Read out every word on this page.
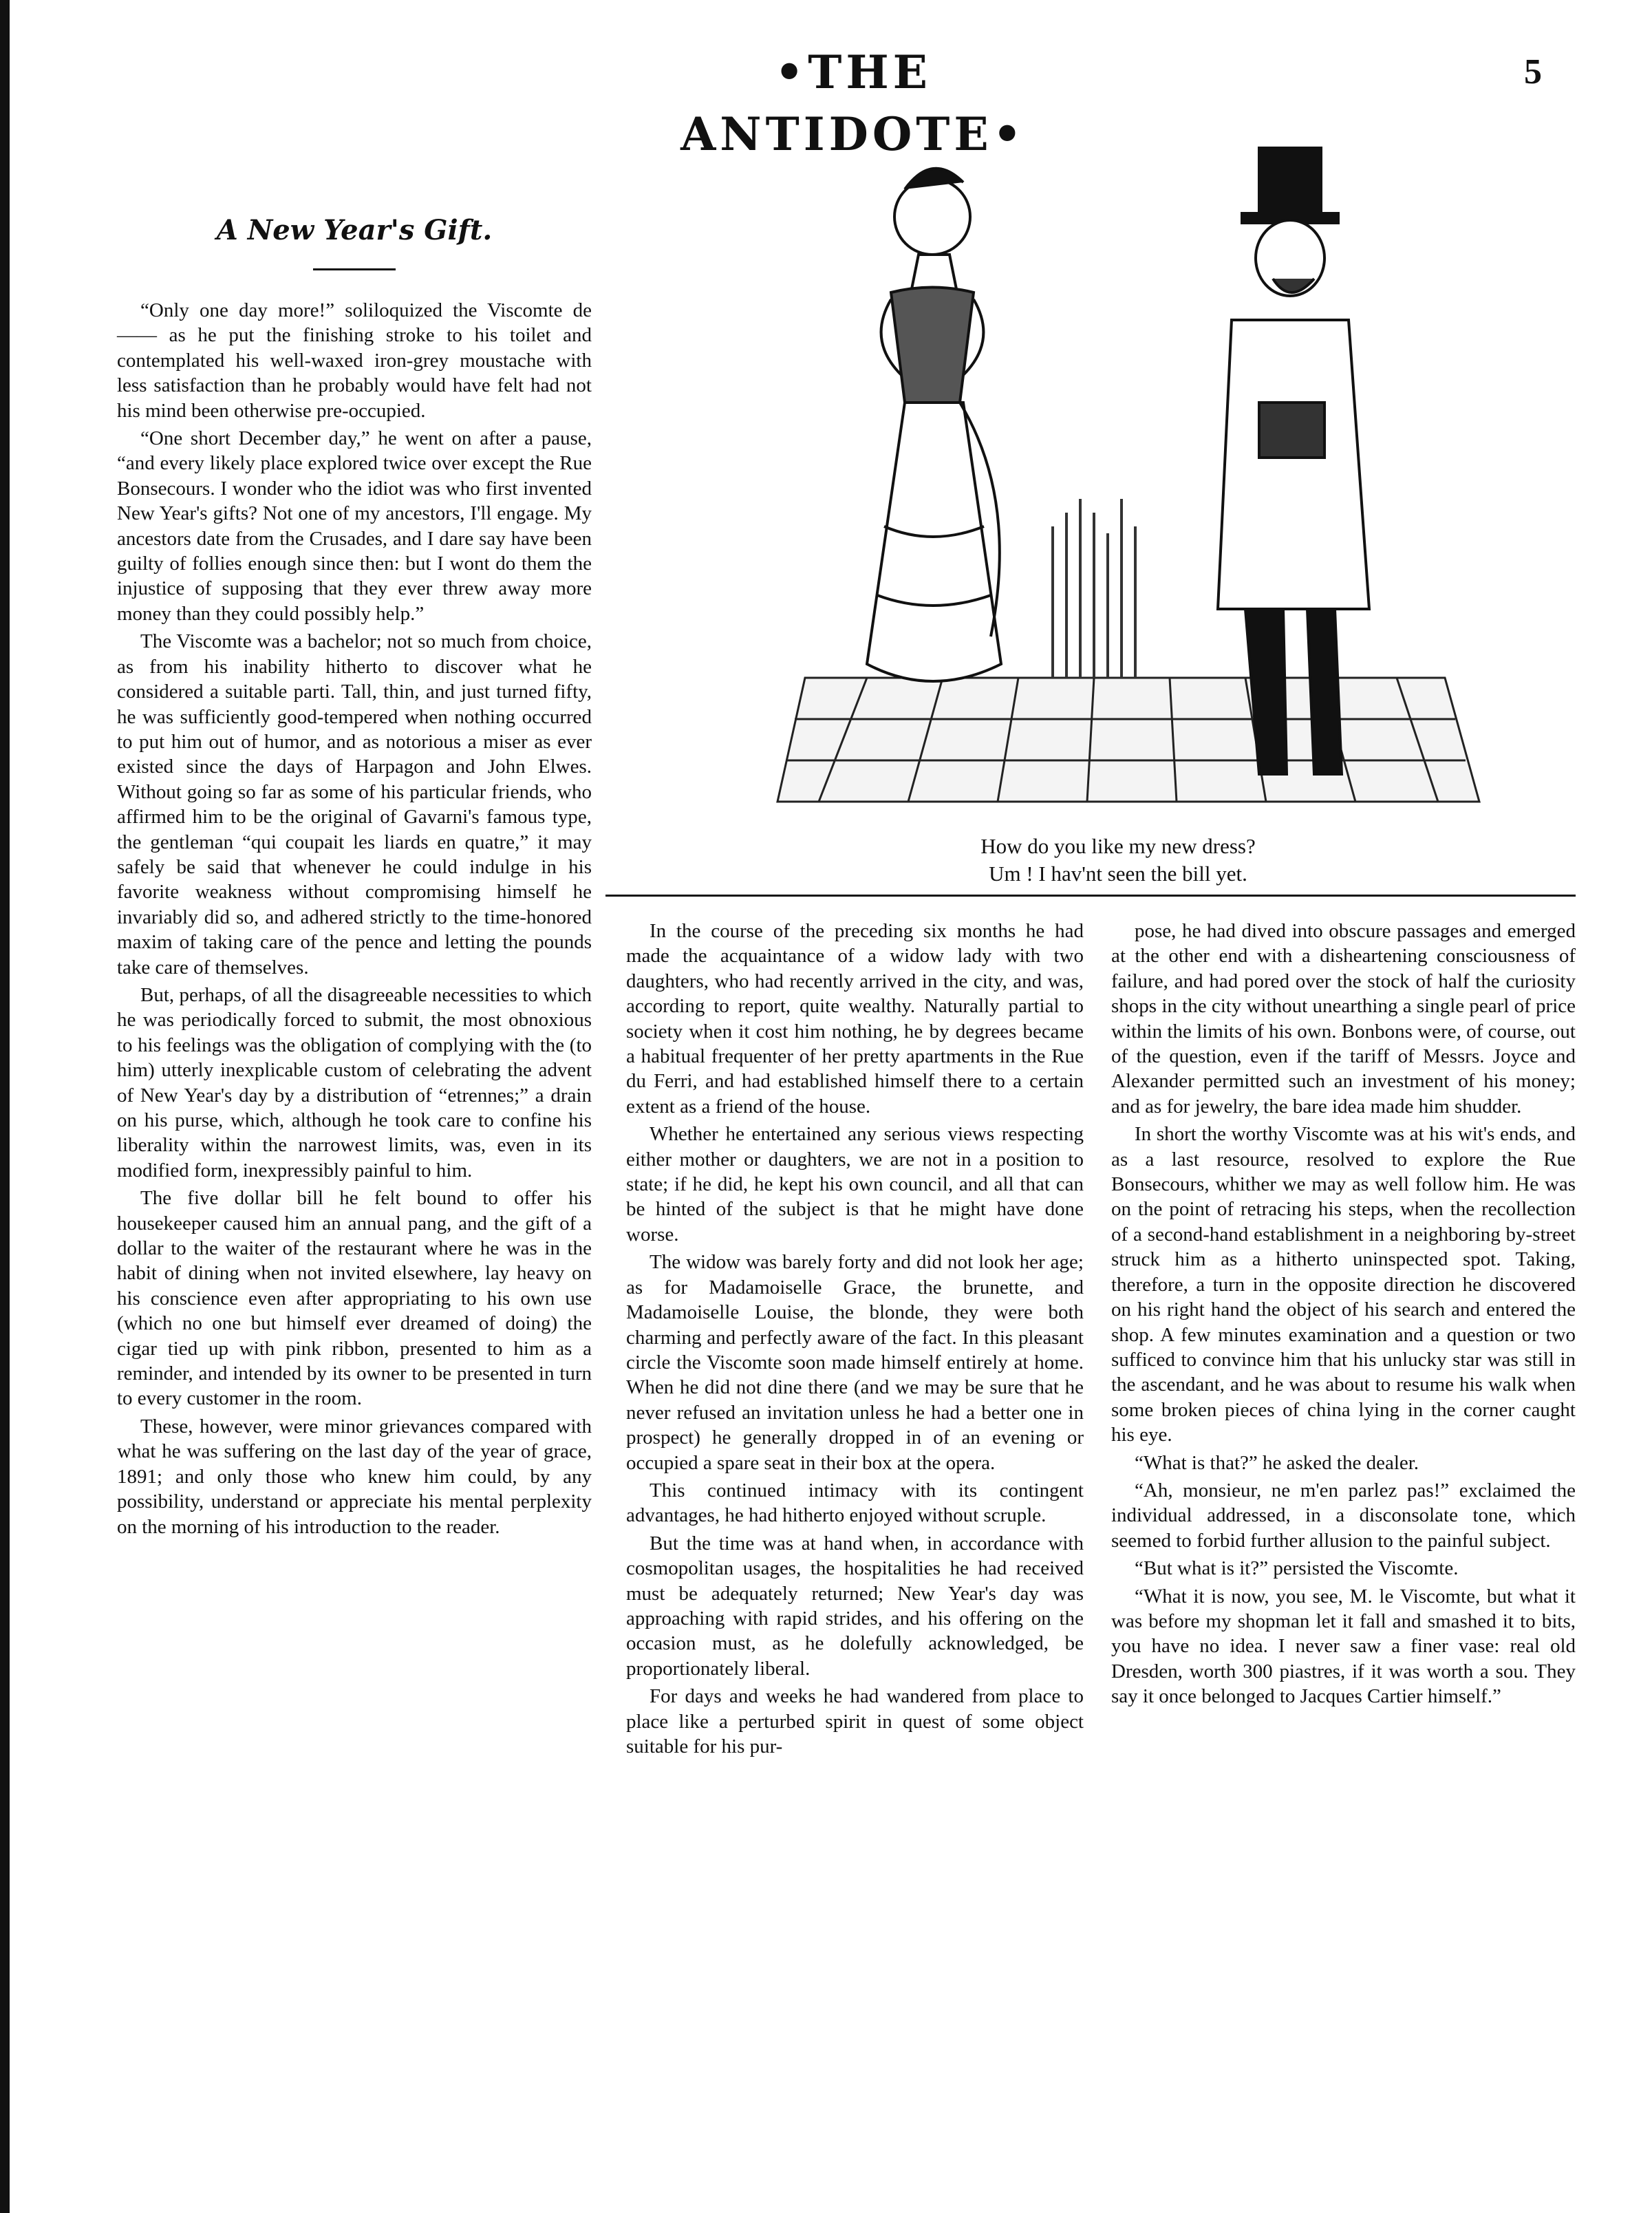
•THE ANTIDOTE•
5
A New Year's Gift.

“Only one day more!” soliloquized the Viscomte de—— as he put the finishing stroke to his toilet and contemplated his well-waxed iron-grey moustache with less satisfaction than he probably would have felt had not his mind been otherwise pre-occupied.

“One short December day,” he went on after a pause, “and every likely place explored twice over except the Rue Bonsecours. I wonder who the idiot was who first invented New Year's gifts? Not one of my ancestors, I'll engage. My ancestors date from the Crusades, and I dare say have been guilty of follies enough since then: but I wont do them the injustice of supposing that they ever threw away more money than they could possibly help.”

The Viscomte was a bachelor; not so much from choice, as from his inability hitherto to discover what he considered a suitable parti. Tall, thin, and just turned fifty, he was sufficiently good-tempered when nothing occurred to put him out of humor, and as notorious a miser as ever existed since the days of Harpagon and John Elwes. Without going so far as some of his particular friends, who affirmed him to be the original of Gavarni's famous type, the gentleman “qui coupait les liards en quatre,” it may safely be said that whenever he could indulge in his favorite weakness without compromising himself he invariably did so, and adhered strictly to the time-honored maxim of taking care of the pence and letting the pounds take care of themselves.

But, perhaps, of all the disagreeable necessities to which he was periodically forced to submit, the most obnoxious to his feelings was the obligation of complying with the (to him) utterly inexplicable custom of celebrating the advent of New Year's day by a distribution of “etrennes;” a drain on his purse, which, although he took care to confine his liberality within the narrowest limits, was, even in its modified form, inexpressibly painful to him.

The five dollar bill he felt bound to offer his housekeeper caused him an annual pang, and the gift of a dollar to the waiter of the restaurant where he was in the habit of dining when not invited elsewhere, lay heavy on his conscience even after appropriating to his own use (which no one but himself ever dreamed of doing) the cigar tied up with pink ribbon, presented to him as a reminder, and intended by its owner to be presented in turn to every customer in the room.

These, however, were minor grievances compared with what he was suffering on the last day of the year of grace, 1891; and only those who knew him could, by any possibility, understand or appreciate his mental perplexity on the morning of his introduction to the reader.

How do you like my new dress?
Um ! I hav'nt seen the bill yet.

In the course of the preceding six months he had made the acquaintance of a widow lady with two daughters, who had recently arrived in the city, and was, according to report, quite wealthy. Naturally partial to society when it cost him nothing, he by degrees became a habitual frequenter of her pretty apartments in the Rue du Ferri, and had established himself there to a certain extent as a friend of the house.

Whether he entertained any serious views respecting either mother or daughters, we are not in a position to state; if he did, he kept his own council, and all that can be hinted of the subject is that he might have done worse.

The widow was barely forty and did not look her age; as for Madamoiselle Grace, the brunette, and Madamoiselle Louise, the blonde, they were both charming and perfectly aware of the fact. In this pleasant circle the Viscomte soon made himself entirely at home. When he did not dine there (and we may be sure that he never refused an invitation unless he had a better one in prospect) he generally dropped in of an evening or occupied a spare seat in their box at the opera.

This continued intimacy with its contingent advantages, he had hitherto enjoyed without scruple.

But the time was at hand when, in accordance with cosmopolitan usages, the hospitalities he had received must be adequately returned; New Year's day was approaching with rapid strides, and his offering on the occasion must, as he dolefully acknowledged, be proportionately liberal.

For days and weeks he had wandered from place to place like a perturbed spirit in quest of some object suitable for his pur-

pose, he had dived into obscure passages and emerged at the other end with a disheartening consciousness of failure, and had pored over the stock of half the curiosity shops in the city without unearthing a single pearl of price within the limits of his own. Bonbons were, of course, out of the question, even if the tariff of Messrs. Joyce and Alexander permitted such an investment of his money; and as for jewelry, the bare idea made him shudder.

In short the worthy Viscomte was at his wit's ends, and as a last resource, resolved to explore the Rue Bonsecours, whither we may as well follow him. He was on the point of retracing his steps, when the recollection of a second-hand establishment in a neighboring by-street struck him as a hitherto uninspected spot. Taking, therefore, a turn in the opposite direction he discovered on his right hand the object of his search and entered the shop. A few minutes examination and a question or two sufficed to convince him that his unlucky star was still in the ascendant, and he was about to resume his walk when some broken pieces of china lying in the corner caught his eye.

“What is that?” he asked the dealer.

“Ah, monsieur, ne m'en parlez pas!” exclaimed the individual addressed, in a disconsolate tone, which seemed to forbid further allusion to the painful subject.

“But what is it?” persisted the Viscomte.

“What it is now, you see, M. le Viscomte, but what it was before my shopman let it fall and smashed it to bits, you have no idea. I never saw a finer vase: real old Dresden, worth 300 piastres, if it was worth a sou. They say it once belonged to Jacques Cartier himself.”
